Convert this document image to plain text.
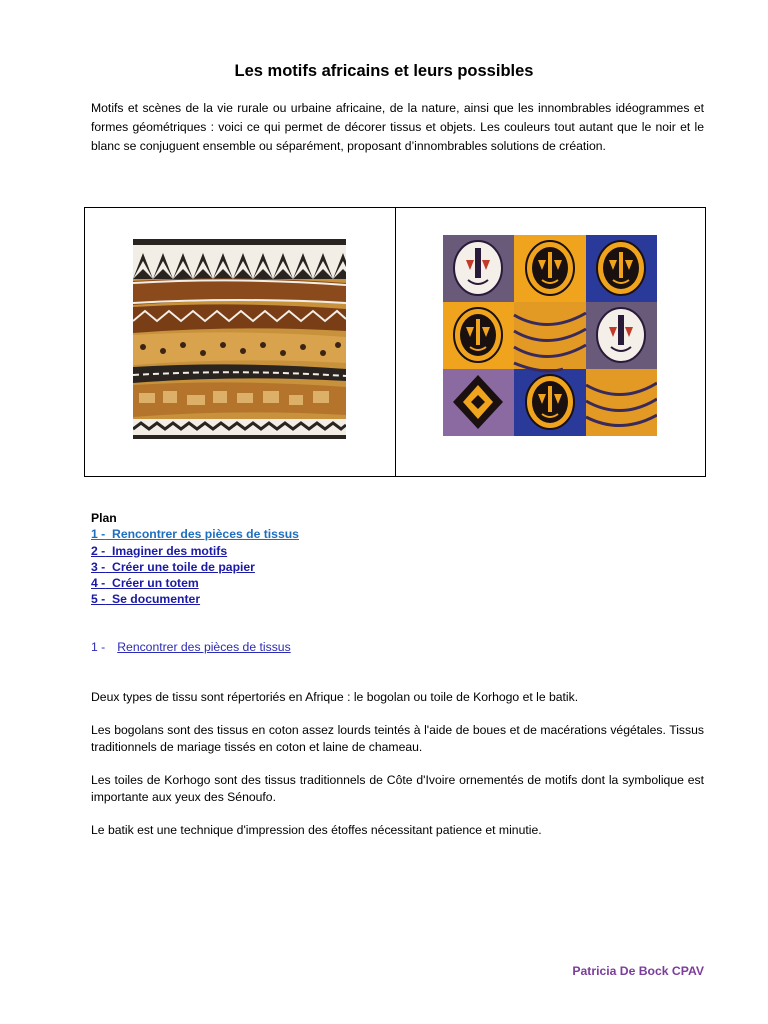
Les motifs africains et leurs possibles
Motifs et scènes de la vie rurale ou urbaine africaine, de la nature, ainsi que les innombrables idéogrammes et formes géométriques : voici ce qui permet de décorer tissus et objets. Les couleurs tout autant que le noir et le blanc se conjuguent ensemble ou séparément, proposant d’innombrables solutions de création.
Plan
1 - Rencontrer des pièces de tissus
2 - Imaginer des motifs
3 - Créer une toile de papier
4 - Créer un totem
5 - Se documenter
1 - Rencontrer des pièces de tissus
Deux types de tissu sont répertoriés en Afrique : le bogolan ou toile de Korhogo et le batik.
Les bogolans sont des tissus en coton assez lourds teintés à l'aide de boues et de macérations végétales. Tissus traditionnels de mariage tissés en coton et laine de chameau.
Les toiles de Korhogo sont des tissus traditionnels de Côte d'Ivoire ornementés de motifs dont la symbolique est importante aux yeux des Sénoufo.
Le batik est une technique d'impression des étoffes nécessitant patience et minutie.
Patricia De Bock CPAV
